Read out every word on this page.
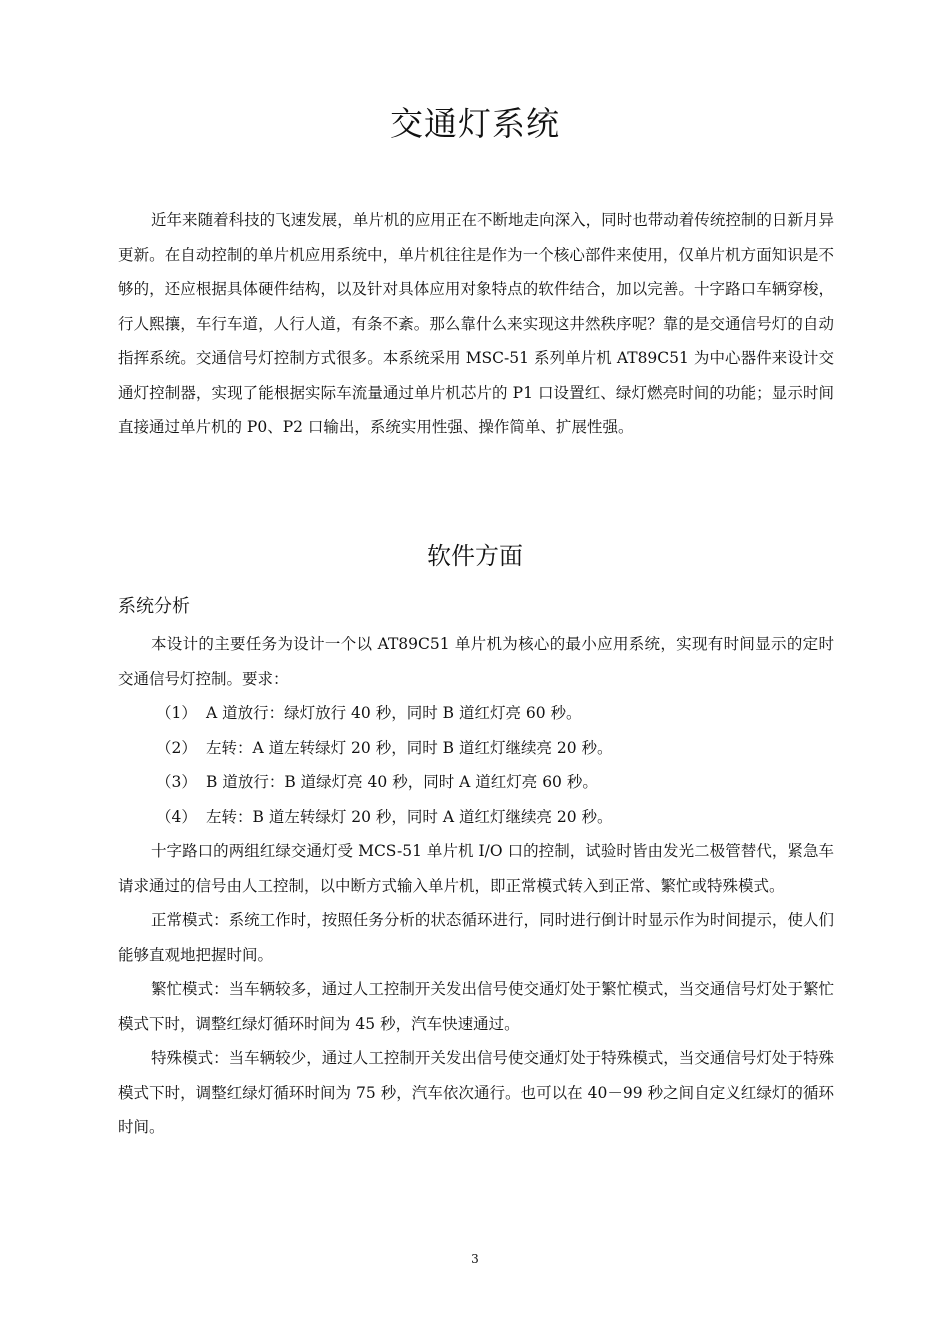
交通灯系统

近年来随着科技的飞速发展，单片机的应用正在不断地走向深入，同时也带动着传统控制的日新月异更新。在自动控制的单片机应用系统中，单片机往往是作为一个核心部件来使用，仅单片机方面知识是不够的，还应根据具体硬件结构，以及针对具体应用对象特点的软件结合，加以完善。十字路口车辆穿梭，行人熙攘，车行车道，人行人道，有条不紊。那么靠什么来实现这井然秩序呢？靠的是交通信号灯的自动指挥系统。交通信号灯控制方式很多。本系统采用 MSC-51 系列单片机 AT89C51 为中心器件来设计交通灯控制器，实现了能根据实际车流量通过单片机芯片的 P1 口设置红、绿灯燃亮时间的功能；显示时间直接通过单片机的 P0、P2 口输出，系统实用性强、操作简单、扩展性强。

软件方面
系统分析

本设计的主要任务为设计一个以 AT89C51 单片机为核心的最小应用系统，实现有时间显示的定时交通信号灯控制。要求：

（1） A 道放行：绿灯放行 40 秒，同时 B 道红灯亮 60 秒。
（2） 左转：A 道左转绿灯 20 秒，同时 B 道红灯继续亮 20 秒。
（3） B 道放行：B 道绿灯亮 40 秒，同时 A 道红灯亮 60 秒。
（4） 左转：B 道左转绿灯 20 秒，同时 A 道红灯继续亮 20 秒。

十字路口的两组红绿交通灯受 MCS-51 单片机 I/O 口的控制，试验时皆由发光二极管替代，紧急车请求通过的信号由人工控制，以中断方式输入单片机，即正常模式转入到正常、繁忙或特殊模式。

正常模式：系统工作时，按照任务分析的状态循环进行，同时进行倒计时显示作为时间提示，使人们能够直观地把握时间。

繁忙模式：当车辆较多，通过人工控制开关发出信号使交通灯处于繁忙模式，当交通信号灯处于繁忙模式下时，调整红绿灯循环时间为 45 秒，汽车快速通过。

特殊模式：当车辆较少，通过人工控制开关发出信号使交通灯处于特殊模式，当交通信号灯处于特殊模式下时，调整红绿灯循环时间为 75 秒，汽车依次通行。也可以在 40－99 秒之间自定义红绿灯的循环时间。

3
